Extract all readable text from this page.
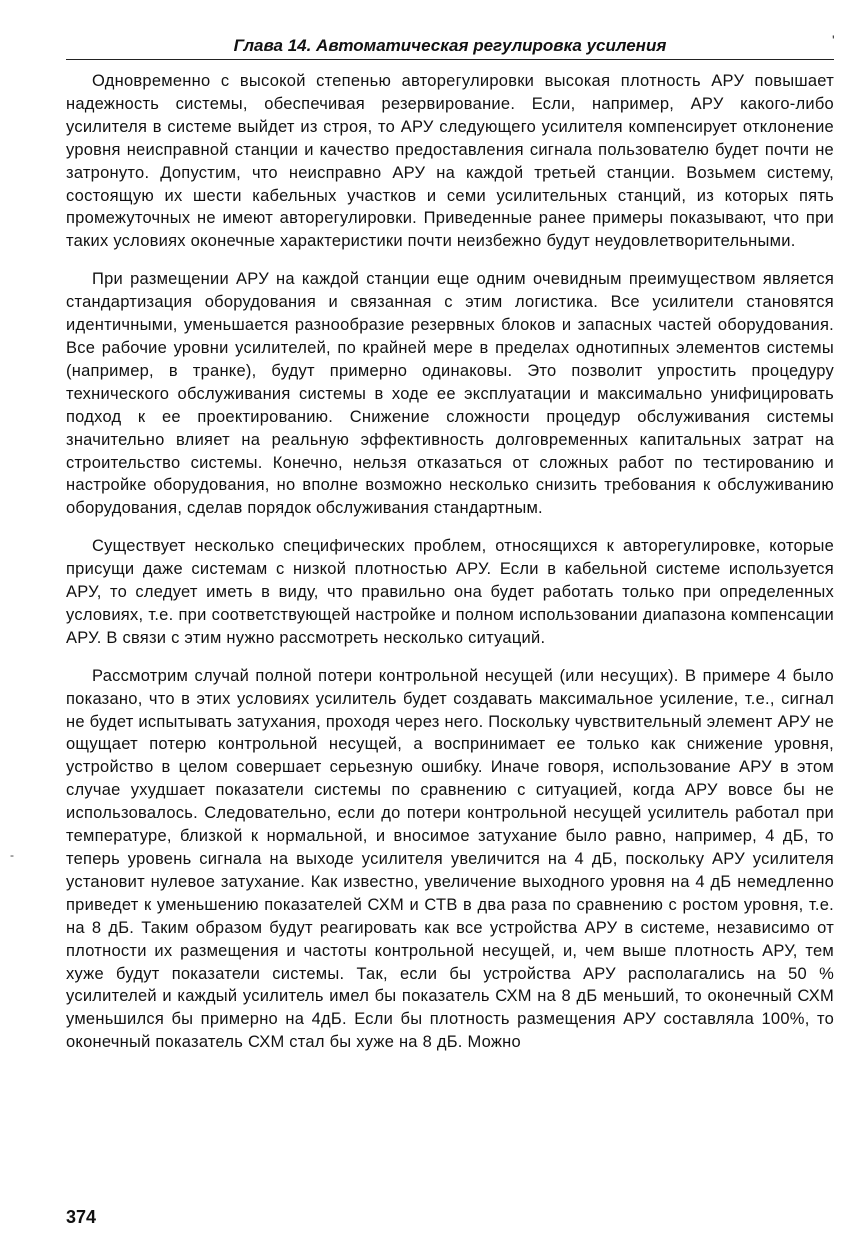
Глава 14. Автоматическая регулировка усиления	'

Одновременно с высокой степенью авторегулировки высокая плотность АРУ повышает надежность системы, обеспечивая резервирование. Если, например, АРУ какого-либо усилителя в системе выйдет из строя, то АРУ следующего усилителя компенсирует отклонение уровня неисправной станции и качество предоставления сигнала пользователю будет почти не затронуто. Допустим, что неисправно АРУ на каждой третьей станции. Возьмем систему, состоящую их шести кабельных участков и семи усилительных станций, из которых пять промежуточных не имеют авторегулировки. Приведенные ранее примеры показывают, что при таких условиях оконечные характеристики почти неизбежно будут неудовлетворительными.

При размещении АРУ на каждой станции еще одним очевидным преимуществом является стандартизация оборудования и связанная с этим логистика. Все усилители становятся идентичными, уменьшается разнообразие резервных блоков и запасных частей оборудования. Все рабочие уровни усилителей, по крайней мере в пределах однотипных элементов системы (например, в транке), будут примерно одинаковы. Это позволит упростить процедуру технического обслуживания системы в ходе ее эксплуатации и максимально унифицировать подход к ее проектированию. Снижение сложности процедур обслуживания системы значительно влияет на реальную эффективность долговременных капитальных затрат на строительство системы. Конечно, нельзя отказаться от сложных работ по тестированию и настройке оборудования, но вполне возможно несколько снизить требования к обслуживанию оборудования, сделав порядок обслуживания стандартным.

Существует несколько специфических проблем, относящихся к авторегулировке, которые присущи даже системам с низкой плотностью АРУ. Если в кабельной системе используется АРУ, то следует иметь в виду, что правильно она будет работать только при определенных условиях, т.е. при соответствующей настройке и полном использовании диапазона компенсации АРУ. В связи с этим нужно рассмотреть несколько ситуаций.

Рассмотрим случай полной потери контрольной несущей (или несущих). В примере 4 было показано, что в этих условиях усилитель будет создавать максимальное усиление, т.е., сигнал не будет испытывать затухания, проходя через него. Поскольку чувствительный элемент АРУ не ощущает потерю контрольной несущей, а воспринимает ее только как снижение уровня, устройство в целом совершает серьезную ошибку. Иначе говоря, использование АРУ в этом случае ухудшает показатели системы по сравнению с ситуацией, когда АРУ вовсе бы не использовалось. Следовательно, если до потери контрольной несущей усилитель работал при температуре, близкой к нормальной, и вносимое затухание было равно, например, 4 дБ, то теперь уровень сигнала на выходе усилителя увеличится на 4 дБ, поскольку АРУ усилителя установит нулевое затухание. Как известно, увеличение выходного уровня на 4 дБ немедленно приведет к уменьшению показателей СХМ и СТВ в два раза по сравнению с ростом уровня, т.е. на 8 дБ. Таким образом будут реагировать как все устройства АРУ в системе, независимо от плотности их размещения и частоты контрольной несущей, и, чем выше плотность АРУ, тем хуже будут показатели системы. Так, если бы устройства АРУ располагались на 50 % усилителей и каждый усилитель имел бы показатель СХМ на 8 дБ меньший, то оконечный СХМ уменьшился бы примерно на 4дБ. Если бы плотность размещения АРУ составляла 100%, то оконечный показатель СХМ стал бы хуже на 8 дБ. Можно

-
374
